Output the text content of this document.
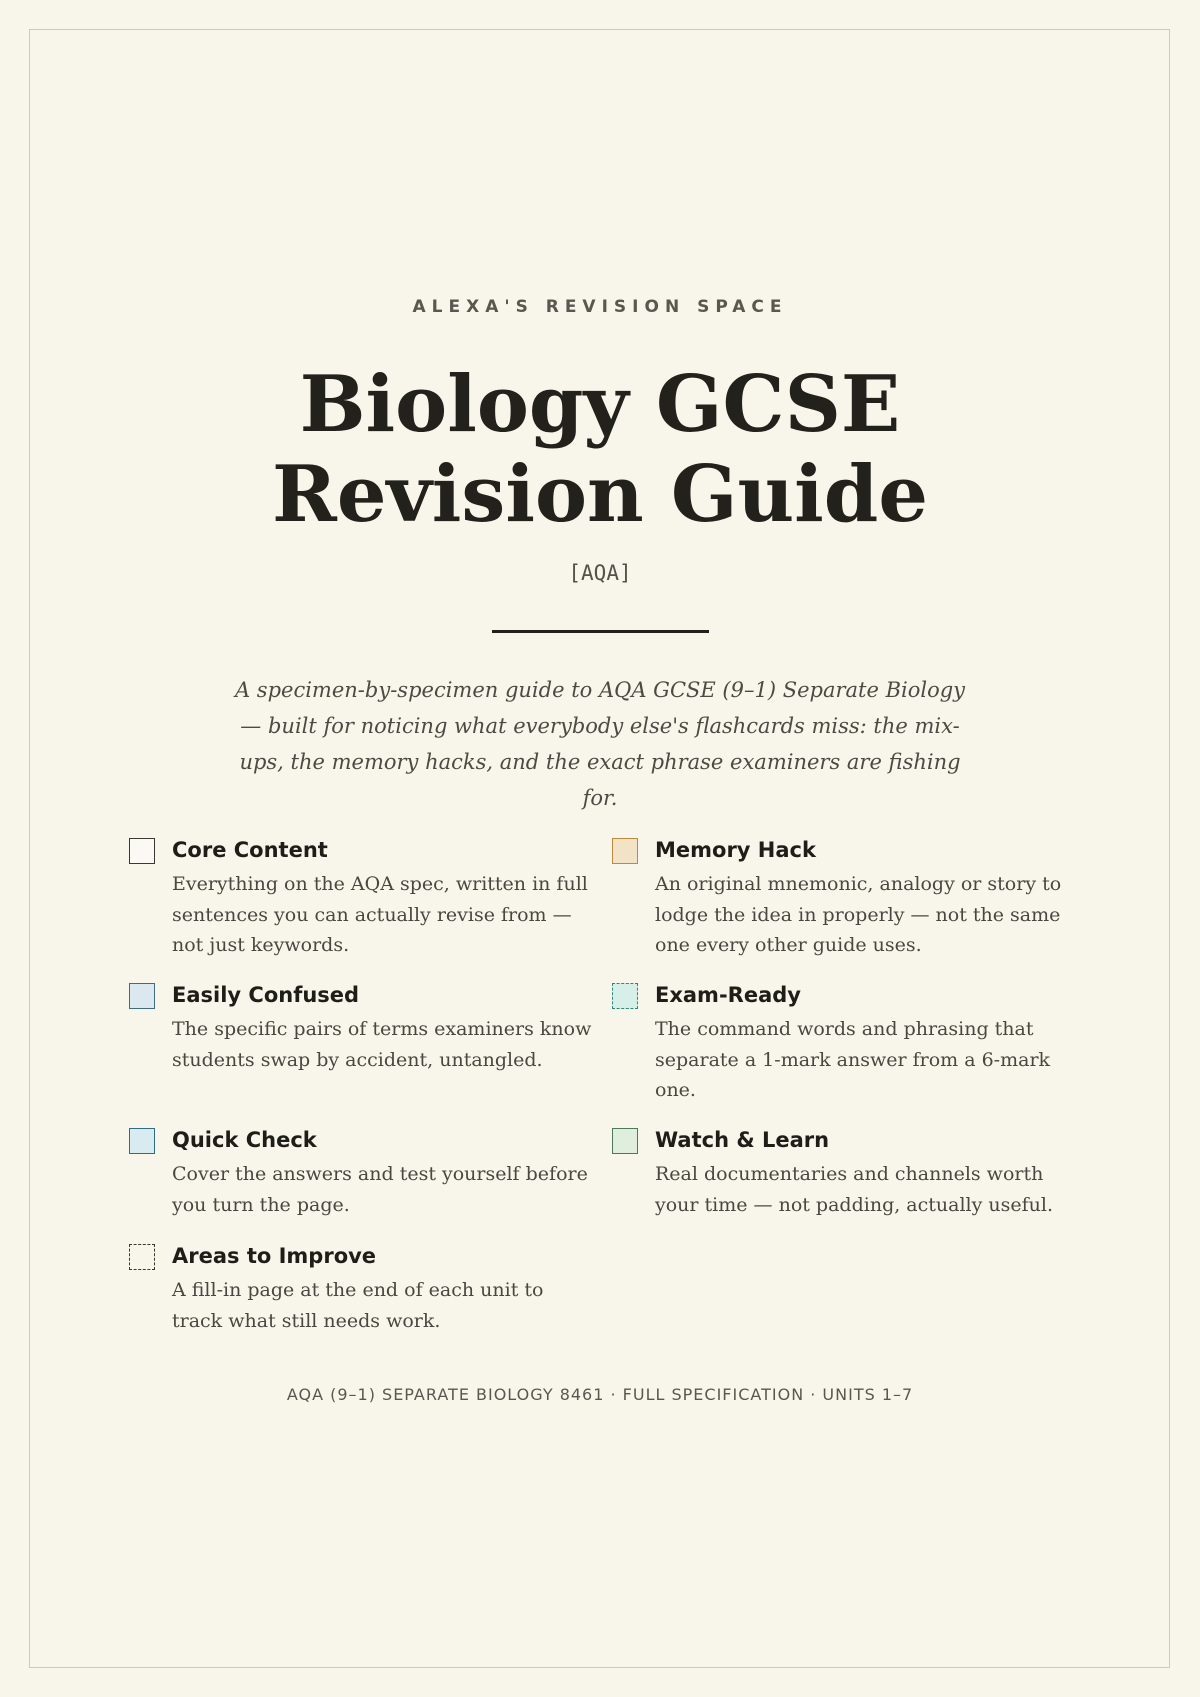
ALEXA'S REVISION SPACE
Biology GCSE
Revision Guide
[AQA]

A specimen-by-specimen guide to AQA GCSE (9–1) Separate Biology — built for noticing what everybody else's flashcards miss: the mix-ups, the memory hacks, and the exact phrase examiners are fishing for.

Core Content
Everything on the AQA spec, written in full sentences you can actually revise from — not just keywords.
Memory Hack
An original mnemonic, analogy or story to lodge the idea in properly — not the same one every other guide uses.
Easily Confused
The specific pairs of terms examiners know students swap by accident, untangled.
Exam-Ready
The command words and phrasing that separate a 1-mark answer from a 6-mark one.
Quick Check
Cover the answers and test yourself before you turn the page.
Watch & Learn
Real documentaries and channels worth your time — not padding, actually useful.
Areas to Improve
A fill-in page at the end of each unit to track what still needs work.
AQA (9–1) SEPARATE BIOLOGY 8461 · FULL SPECIFICATION · UNITS 1–7
